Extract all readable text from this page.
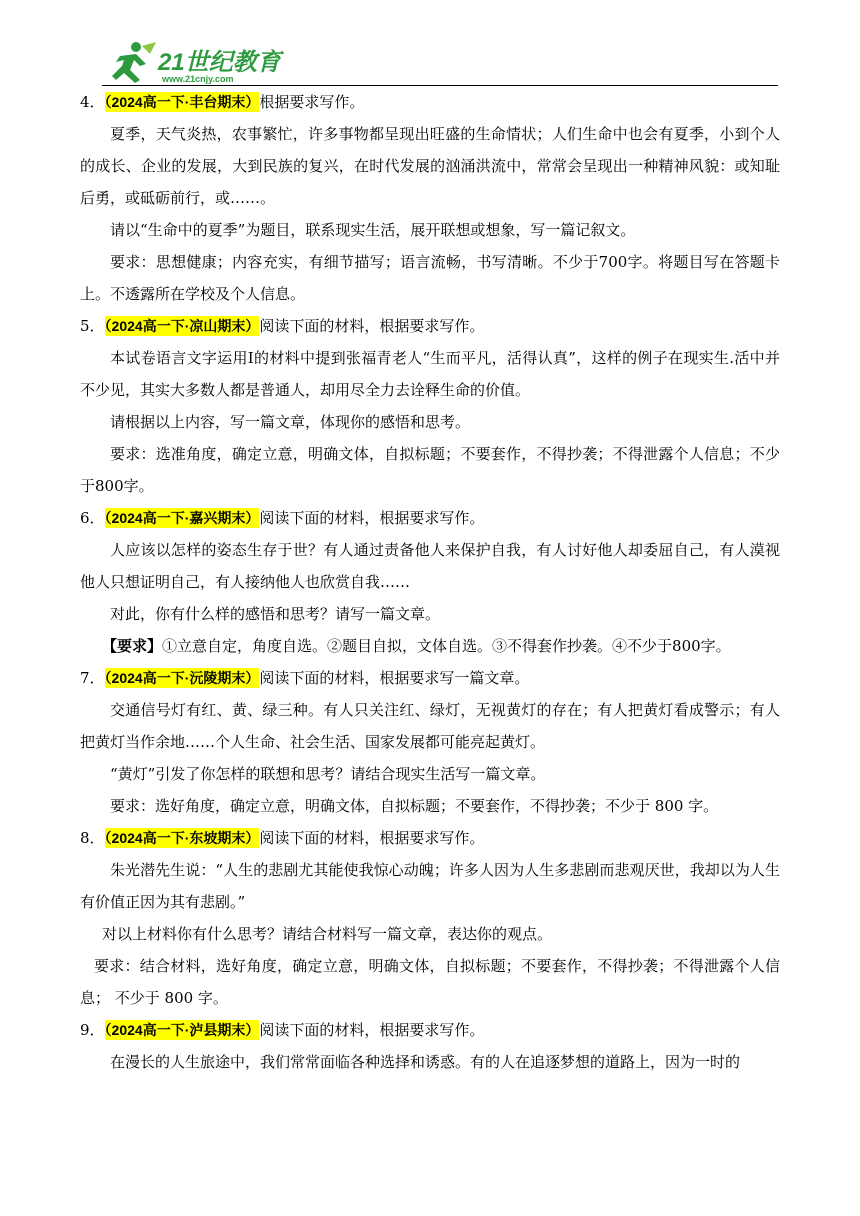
21世纪教育
www.21cnjy.com

4．（2024高一下·丰台期末）根据要求写作。

夏季，天气炎热，农事繁忙，许多事物都呈现出旺盛的生命情状；人们生命中也会有夏季，小到个人的成长、企业的发展，大到民族的复兴，在时代发展的汹涌洪流中，常常会呈现出一种精神风貌：或知耻后勇，或砥砺前行，或……。

请以“生命中的夏季”为题目，联系现实生活，展开联想或想象，写一篇记叙文。

要求：思想健康；内容充实，有细节描写；语言流畅，书写清晰。不少于700字。将题目写在答题卡上。不透露所在学校及个人信息。

5．（2024高一下·凉山期末）阅读下面的材料，根据要求写作。

本试卷语言文字运用Ⅰ的材料中提到张福青老人“生而平凡，活得认真”，这样的例子在现实生.活中并不少见，其实大多数人都是普通人，却用尽全力去诠释生命的价值。

请根据以上内容，写一篇文章，体现你的感悟和思考。

要求：选准角度，确定立意，明确文体，自拟标题；不要套作，不得抄袭；不得泄露个人信息；不少于800字。

6．（2024高一下·嘉兴期末）阅读下面的材料，根据要求写作。

人应该以怎样的姿态生存于世？有人通过责备他人来保护自我，有人讨好他人却委屈自己，有人漠视他人只想证明自己，有人接纳他人也欣赏自我……

对此，你有什么样的感悟和思考？请写一篇文章。

【要求】①立意自定，角度自选。②题目自拟，文体自选。③不得套作抄袭。④不少于800字。

7．（2024高一下·沅陵期末）阅读下面的材料，根据要求写一篇文章。

交通信号灯有红、黄、绿三种。有人只关注红、绿灯，无视黄灯的存在；有人把黄灯看成警示；有人把黄灯当作余地……个人生命、社会生活、国家发展都可能亮起黄灯。

“黄灯”引发了你怎样的联想和思考？请结合现实生活写一篇文章。

要求：选好角度，确定立意，明确文体，自拟标题；不要套作，不得抄袭；不少于 800 字。

8．（2024高一下·东坡期末）阅读下面的材料，根据要求写作。

朱光潜先生说：“人生的悲剧尤其能使我惊心动魄；许多人因为人生多悲剧而悲观厌世，我却以为人生 有价值正因为其有悲剧。”

对以上材料你有什么思考？请结合材料写一篇文章，表达你的观点。

要求：结合材料，选好角度，确定立意，明确文体，自拟标题；不要套作，不得抄袭；不得泄露个人信息； 不少于 800 字。

9．（2024高一下·泸县期末）阅读下面的材料，根据要求写作。

在漫长的人生旅途中，我们常常面临各种选择和诱惑。有的人在追逐梦想的道路上，因为一时的
